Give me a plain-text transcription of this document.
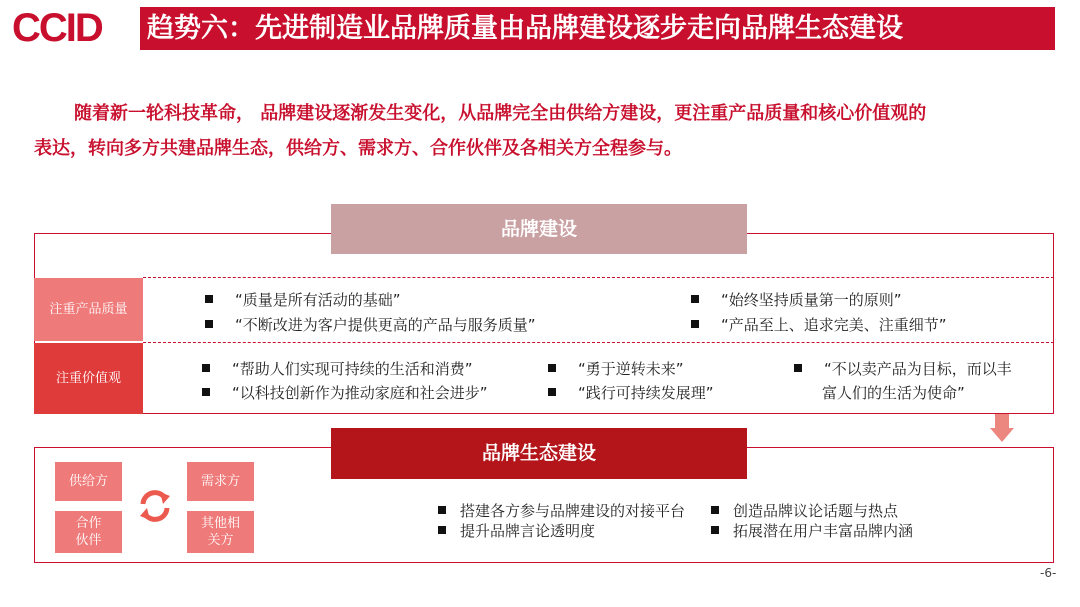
CCID 趋势六：先进制造业品牌质量由品牌建设逐步走向品牌生态建设
随着新一轮科技革命， 品牌建设逐渐发生变化，从品牌完全由供给方建设，更注重产品质量和核心价值观的
表达，转向多方共建品牌生态，供给方、需求方、合作伙伴及各相关方全程参与。
品牌建设
注重产品质量
注重价值观
“质量是所有活动的基础”
“不断改进为客户提供更高的产品与服务质量”
“始终坚持质量第一的原则”
“产品至上、追求完美、注重细节”
“帮助人们实现可持续的生活和消费”
“以科技创新作为推动家庭和社会进步”
“勇于逆转未来”
“践行可持续发展理”
“不以卖产品为目标，而以丰
富人们的生活为使命”
品牌生态建设
供给方	需求方
合作伙伴
其他相关方
搭建各方参与品牌建设的对接平台
提升品牌言论透明度
创造品牌议论话题与热点
拓展潜在用户丰富品牌内涵
-6-
